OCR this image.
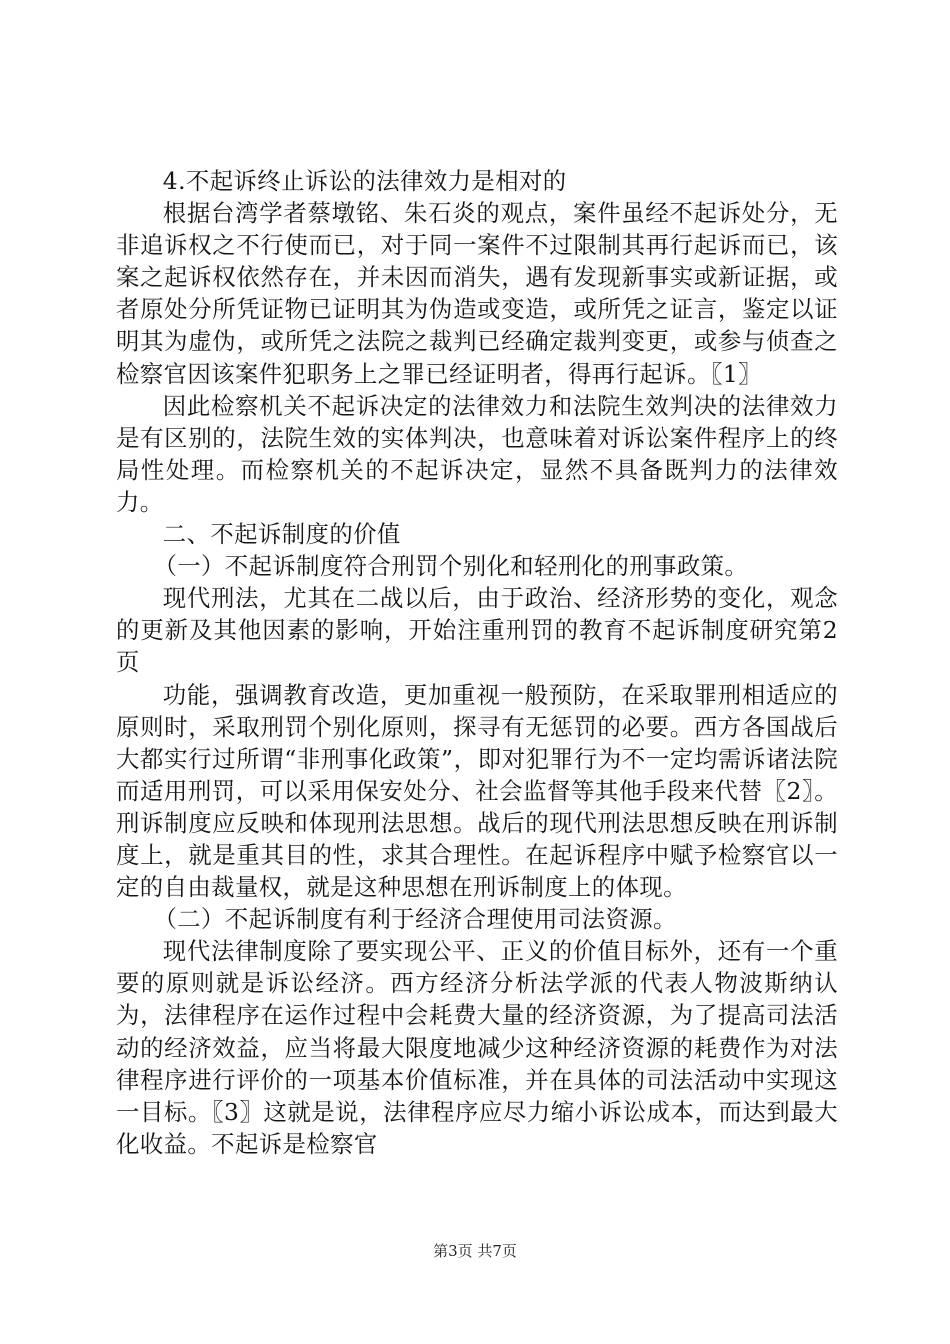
4.不起诉终止诉讼的法律效力是相对的

根据台湾学者蔡墩铭、朱石炎的观点，案件虽经不起诉处分，无非追诉权之不行使而已，对于同一案件不过限制其再行起诉而已，该案之起诉权依然存在，并未因而消失，遇有发现新事实或新证据，或者原处分所凭证物已证明其为伪造或变造，或所凭之证言，鉴定以证明其为虚伪，或所凭之法院之裁判已经确定裁判变更，或参与侦查之检察官因该案件犯职务上之罪已经证明者，得再行起诉。〖1〗

因此检察机关不起诉决定的法律效力和法院生效判决的法律效力是有区别的，法院生效的实体判决，也意味着对诉讼案件程序上的终局性处理。而检察机关的不起诉决定，显然不具备既判力的法律效力。

二、不起诉制度的价值

（一）不起诉制度符合刑罚个别化和轻刑化的刑事政策。

现代刑法，尤其在二战以后，由于政治、经济形势的变化，观念的更新及其他因素的影响，开始注重刑罚的教育不起诉制度研究第2页

功能，强调教育改造，更加重视一般预防，在采取罪刑相适应的原则时，采取刑罚个别化原则，探寻有无惩罚的必要。西方各国战后大都实行过所谓“非刑事化政策”，即对犯罪行为不一定均需诉诸法院而适用刑罚，可以采用保安处分、社会监督等其他手段来代替〖2〗。刑诉制度应反映和体现刑法思想。战后的现代刑法思想反映在刑诉制度上，就是重其目的性，求其合理性。在起诉程序中赋予检察官以一定的自由裁量权，就是这种思想在刑诉制度上的体现。

（二）不起诉制度有利于经济合理使用司法资源。

现代法律制度除了要实现公平、正义的价值目标外，还有一个重要的原则就是诉讼经济。西方经济分析法学派的代表人物波斯纳认为，法律程序在运作过程中会耗费大量的经济资源，为了提高司法活动的经济效益，应当将最大限度地减少这种经济资源的耗费作为对法律程序进行评价的一项基本价值标准，并在具体的司法活动中实现这一目标。〖3〗这就是说，法律程序应尽力缩小诉讼成本，而达到最大化收益。不起诉是检察官

第3页 共7页
